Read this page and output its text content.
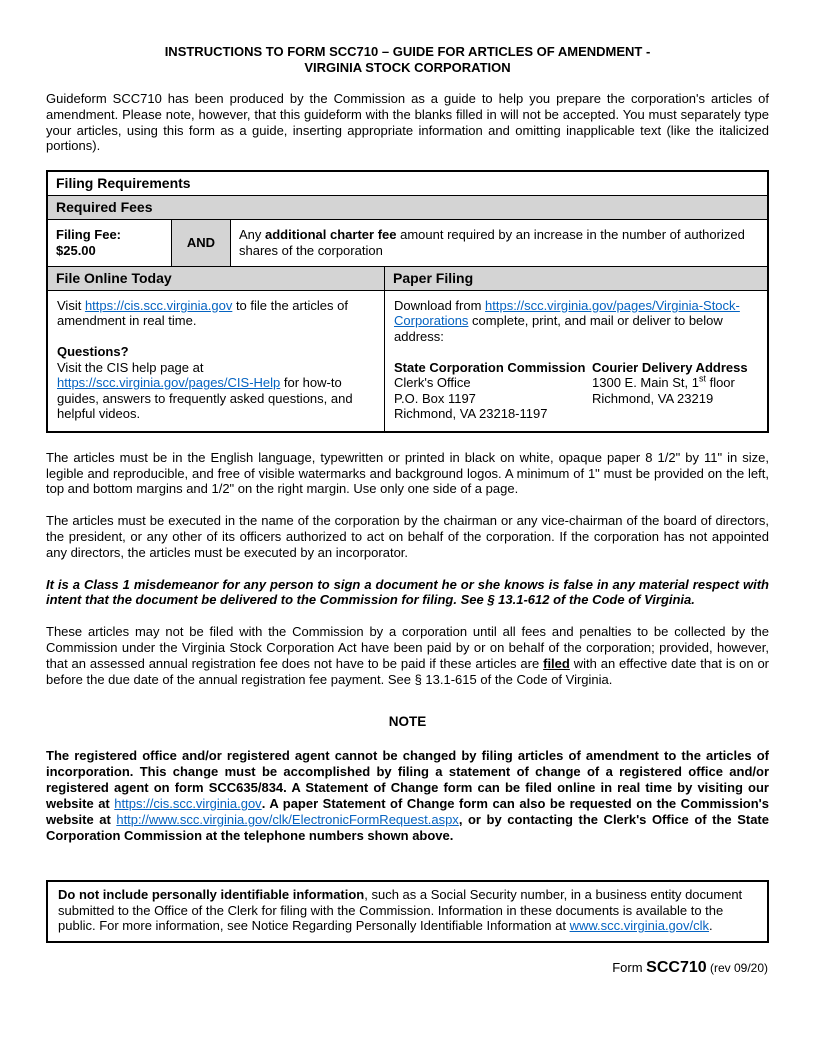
INSTRUCTIONS TO FORM SCC710 – GUIDE FOR ARTICLES OF AMENDMENT -
VIRGINIA STOCK CORPORATION

Guideform SCC710 has been produced by the Commission as a guide to help you prepare the corporation's articles of amendment. Please note, however, that this guideform with the blanks filled in will not be accepted. You must separately type your articles, using this form as a guide, inserting appropriate information and omitting inapplicable text (like the italicized portions).

Filing Requirements
Required Fees
Filing Fee: $25.00
AND
Any additional charter fee amount required by an increase in the number of authorized shares of the corporation
File Online Today	Paper Filing

Visit https://cis.scc.virginia.gov to file the articles of amendment in real time.

Questions?

Visit the CIS help page at https://scc.virginia.gov/pages/CIS-Help for how-to guides, answers to frequently asked questions, and helpful videos.

Download from https://scc.virginia.gov/pages/Virginia-Stock-Corporations complete, print, and mail or deliver to below address:

State Corporation Commission
Clerk's Office
P.O. Box 1197
Richmond, VA 23218-1197
Courier Delivery Address
1300 E. Main St, 1st floor
Richmond, VA 23219

The articles must be in the English language, typewritten or printed in black on white, opaque paper 8 1/2" by 11" in size, legible and reproducible, and free of visible watermarks and background logos. A minimum of 1" must be provided on the left, top and bottom margins and 1/2" on the right margin. Use only one side of a page.

The articles must be executed in the name of the corporation by the chairman or any vice-chairman of the board of directors, the president, or any other of its officers authorized to act on behalf of the corporation. If the corporation has not appointed any directors, the articles must be executed by an incorporator.

It is a Class 1 misdemeanor for any person to sign a document he or she knows is false in any material respect with intent that the document be delivered to the Commission for filing. See § 13.1-612 of the Code of Virginia.

These articles may not be filed with the Commission by a corporation until all fees and penalties to be collected by the Commission under the Virginia Stock Corporation Act have been paid by or on behalf of the corporation; provided, however, that an assessed annual registration fee does not have to be paid if these articles are filed with an effective date that is on or before the due date of the annual registration fee payment. See § 13.1-615 of the Code of Virginia.

NOTE

The registered office and/or registered agent cannot be changed by filing articles of amendment to the articles of incorporation. This change must be accomplished by filing a statement of change of a registered office and/or registered agent on form SCC635/834. A Statement of Change form can be filed online in real time by visiting our website at https://cis.scc.virginia.gov. A paper Statement of Change form can also be requested on the Commission's website at http://www.scc.virginia.gov/clk/ElectronicFormRequest.aspx, or by contacting the Clerk's Office of the State Corporation Commission at the telephone numbers shown above.

Do not include personally identifiable information, such as a Social Security number, in a business entity document submitted to the Office of the Clerk for filing with the Commission. Information in these documents is available to the public. For more information, see Notice Regarding Personally Identifiable Information at www.scc.virginia.gov/clk.
Form SCC710 (rev 09/20)
